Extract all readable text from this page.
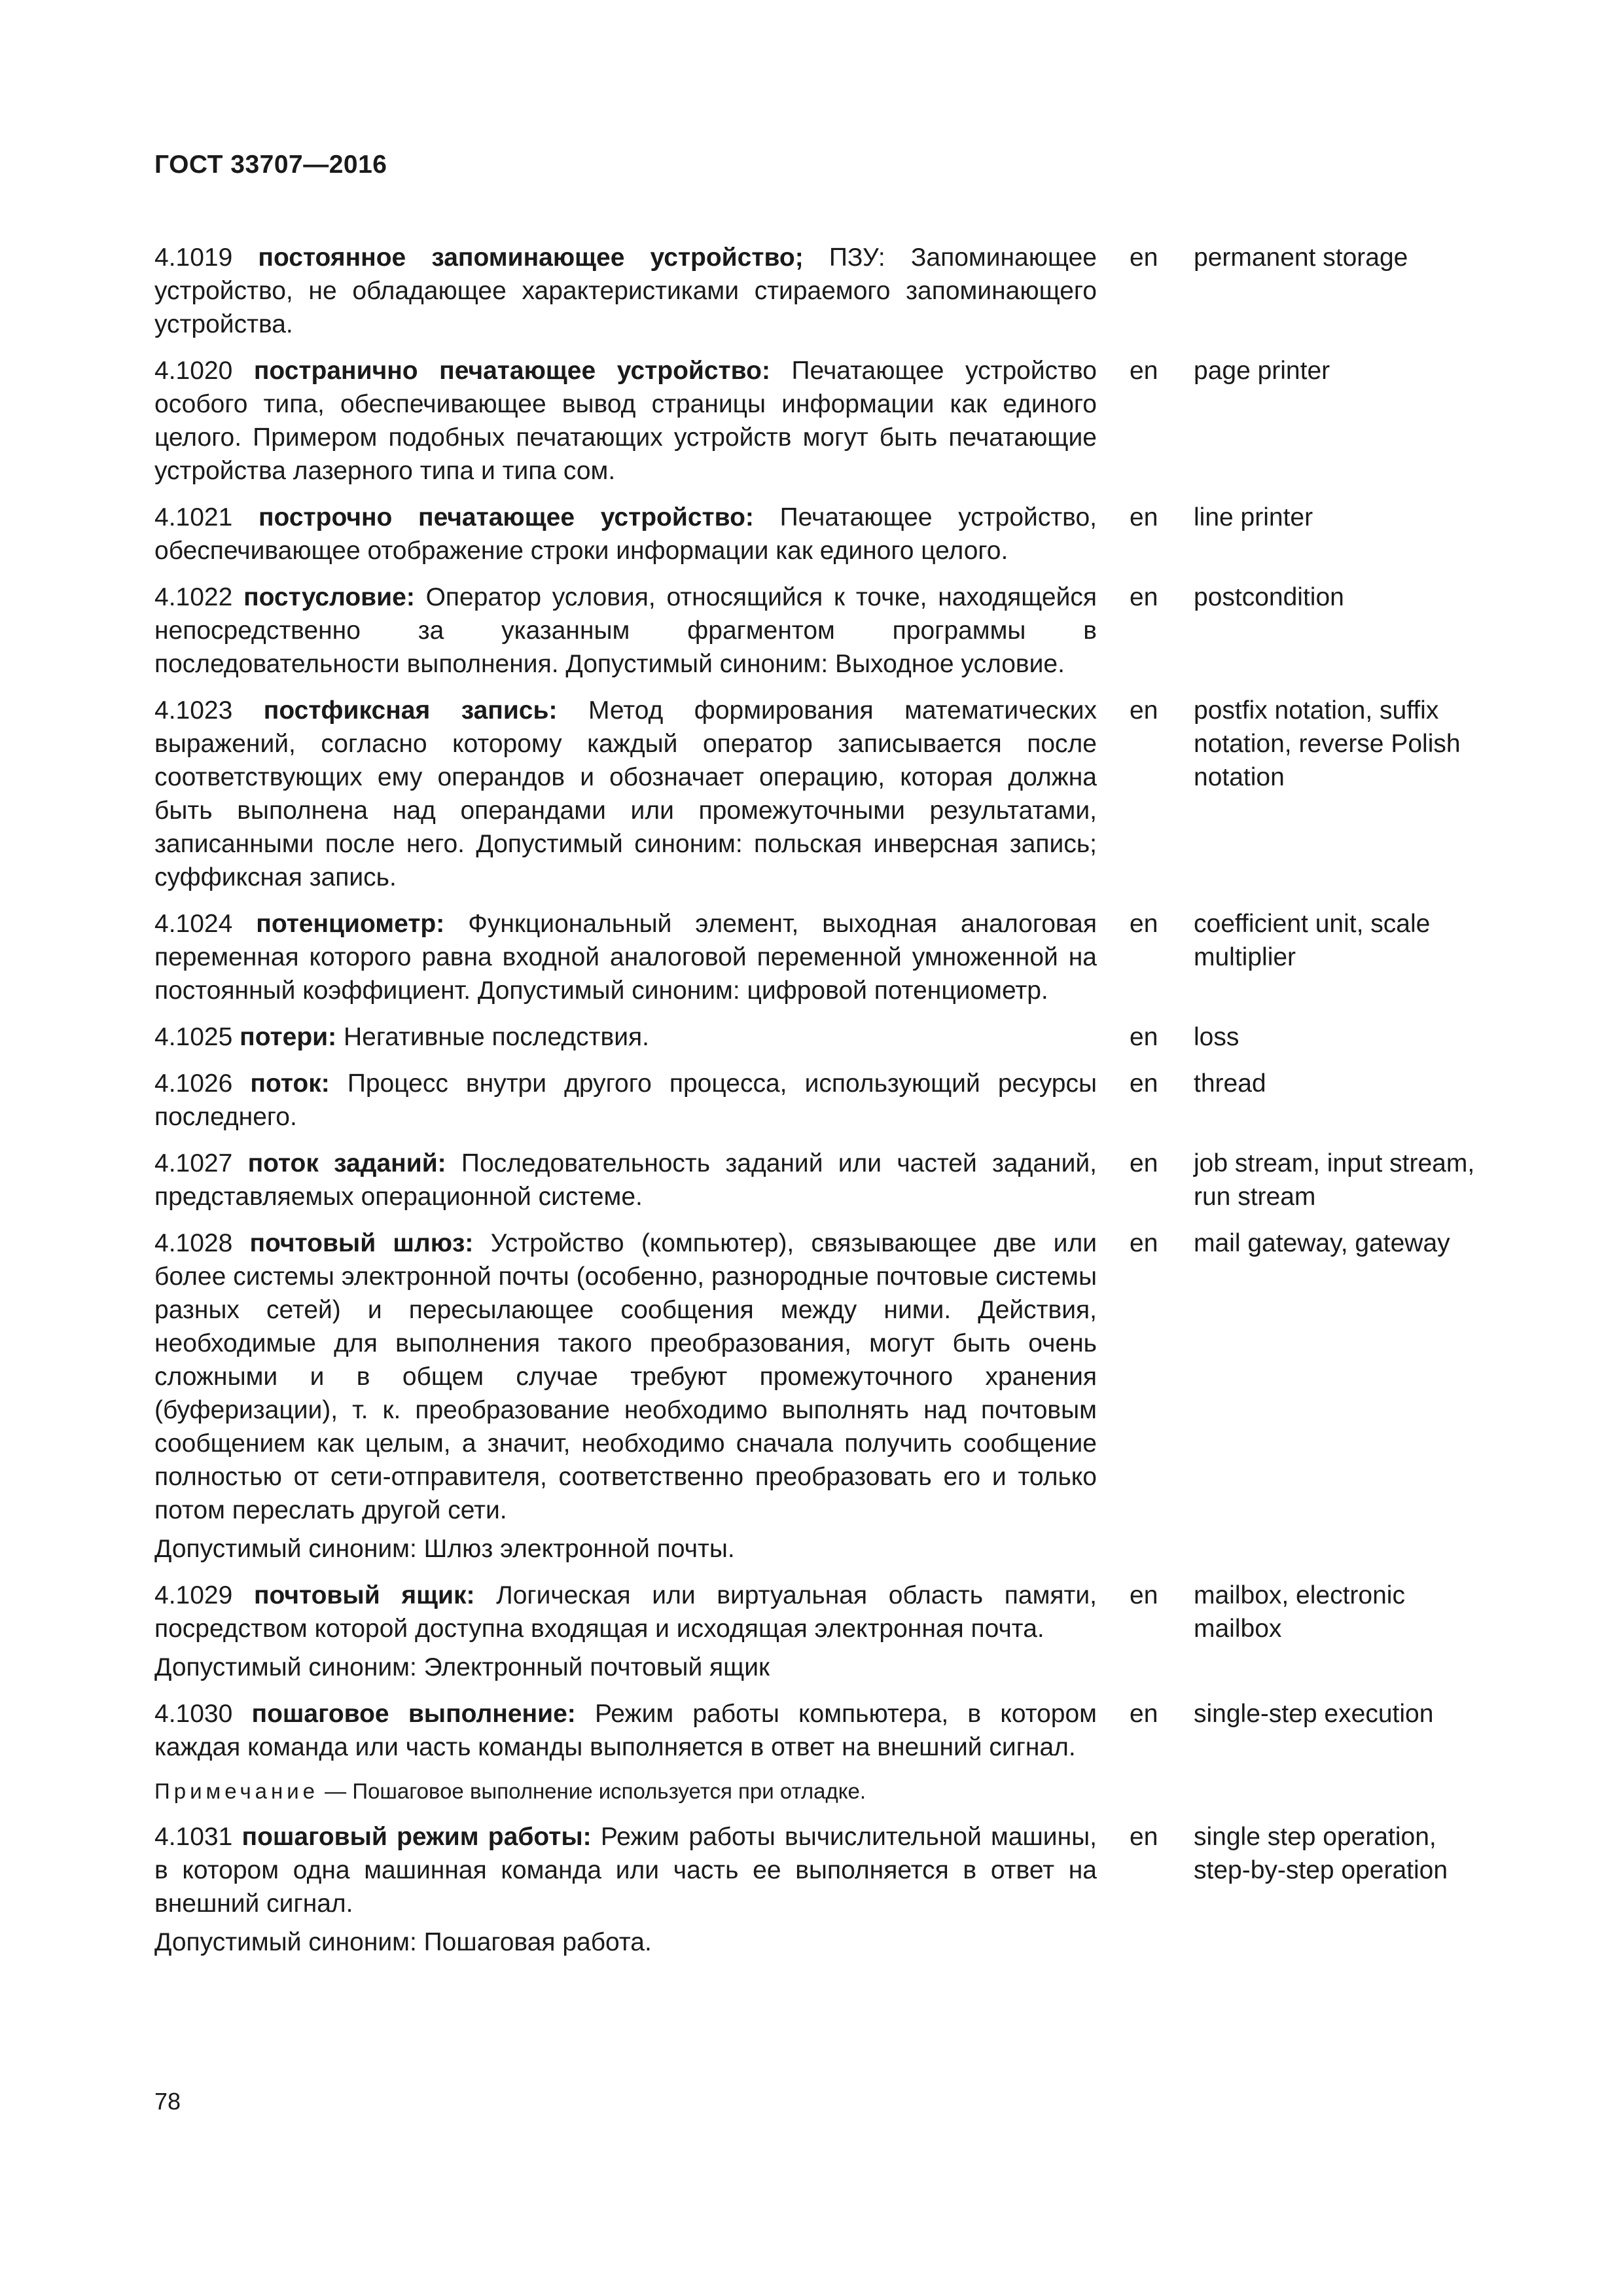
ГОСТ 33707—2016

4.1019 постоянное запоминающее устройство; ПЗУ: Запоминающее устройство, не обладающее характеристиками стираемого запоминающего устройства.

en permanent storage

4.1020 постранично печатающее устройство: Печатающее устройство особого типа, обеспечивающее вывод страницы информации как единого целого. Примером подобных печатающих устройств могут быть печатающие устройства лазерного типа и типа сом.

en page printer

4.1021 построчно печатающее устройство: Печатающее устройство, обеспечивающее отображение строки информации как единого целого.

en line printer

4.1022 постусловие: Оператор условия, относящийся к точке, находящейся непосредственно за указанным фрагментом программы в последовательности выполнения. Допустимый синоним: Выходное условие.

en postcondition

4.1023 постфиксная запись: Метод формирования математических выражений, согласно которому каждый оператор записывается после соответствующих ему операндов и обозначает операцию, которая должна быть выполнена над операндами или промежуточными результатами, записанными после него. Допустимый синоним: польская инверсная запись; суффиксная запись.

en postfix notation, suffix notation, reverse Polish notation

4.1024 потенциометр: Функциональный элемент, выходная аналоговая переменная которого равна входной аналоговой переменной умноженной на постоянный коэффициент. Допустимый синоним: цифровой потенциометр.

en coefficient unit, scale multiplier

4.1025 потери: Негативные последствия.	en loss

4.1026 поток: Процесс внутри другого процесса, использующий ресурсы последнего.

en thread

4.1027 поток заданий: Последовательность заданий или частей заданий, представляемых операционной системе.

en job stream, input stream, run stream

4.1028 почтовый шлюз: Устройство (компьютер), связывающее две или более системы электронной почты (особенно, разнородные почтовые системы разных сетей) и пересылающее сообщения между ними. Действия, необходимые для выполнения такого преобразования, могут быть очень сложными и в общем случае требуют промежуточного хранения (буферизации), т. к. преобразование необходимо выполнять над почтовым сообщением как целым, а значит, необходимо сначала получить сообщение полностью от сети-отправителя, соответственно преобразовать его и только потом переслать другой сети.

Допустимый синоним: Шлюз электронной почты.

en mail gateway, gateway

4.1029 почтовый ящик: Логическая или виртуальная область памяти, посредством которой доступна входящая и исходящая электронная почта.

Допустимый синоним: Электронный почтовый ящик

en mailbox, electronic mailbox

4.1030 пошаговое выполнение: Режим работы компьютера, в котором каждая команда или часть команды выполняется в ответ на внешний сигнал.

Примечание — Пошаговое выполнение используется при отладке.

en single-step execution

4.1031 пошаговый режим работы: Режим работы вычислительной машины, в котором одна машинная команда или часть ее выполняется в ответ на внешний сигнал.

Допустимый синоним: Пошаговая работа.

en single step operation, step-by-step operation
78
